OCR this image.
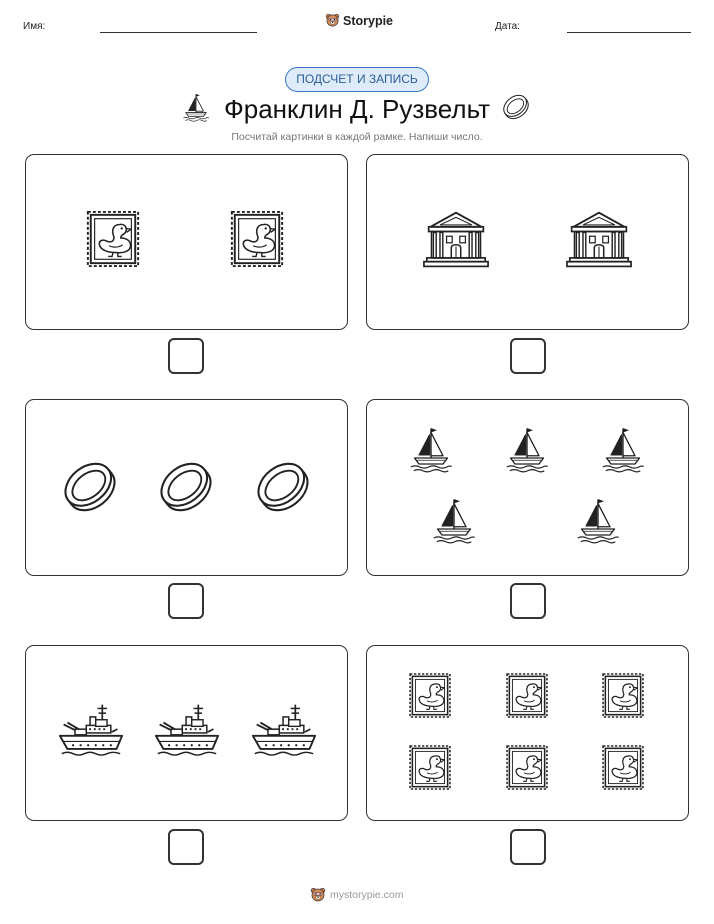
Имя:	Storypie	Дата:
ПОДСЧЕТ И ЗАПИСЬ
Франклин Д. Рузвельт
Посчитай картинки в каждой рамке. Напиши число.
mystorypie.com
